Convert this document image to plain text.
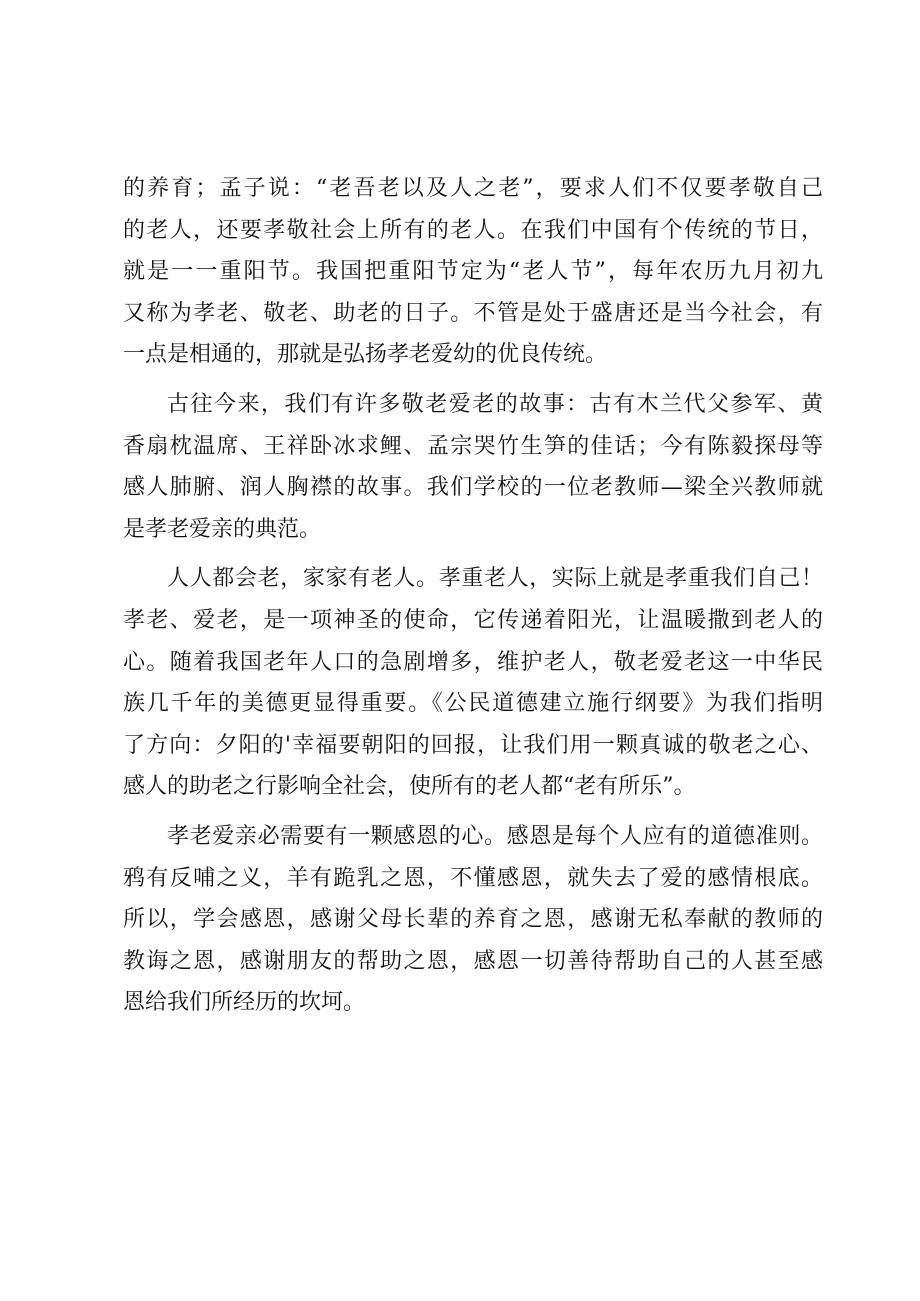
的养育；孟子说：“老吾老以及人之老”，要求人们不仅要孝敬自己
的老人，还要孝敬社会上所有的老人。在我们中国有个传统的节日，
就是一一重阳节。我国把重阳节定为“老人节”，每年农历九月初九
又称为孝老、敬老、助老的日子。不管是处于盛唐还是当今社会，有
一点是相通的，那就是弘扬孝老爱幼的优良传统。
古往今来，我们有许多敬老爱老的故事：古有木兰代父参军、黄
香扇枕温席、王祥卧冰求鲤、孟宗哭竹生笋的佳话；今有陈毅探母等
感人肺腑、润人胸襟的故事。我们学校的一位老教师—梁全兴教师就
是孝老爱亲的典范。
人人都会老，家家有老人。孝重老人，实际上就是孝重我们自己！
孝老、爱老，是一项神圣的使命，它传递着阳光，让温暖撒到老人的
心。随着我国老年人口的急剧增多，维护老人，敬老爱老这一中华民
族几千年的美德更显得重要。《公民道德建立施行纲要》为我们指明
了方向：夕阳的'幸福要朝阳的回报，让我们用一颗真诚的敬老之心、
感人的助老之行影响全社会，使所有的老人都“老有所乐”。
孝老爱亲必需要有一颗感恩的心。感恩是每个人应有的道德准则。
鸦有反哺之义，羊有跪乳之恩，不懂感恩，就失去了爱的感情根底。
所以，学会感恩，感谢父母长辈的养育之恩，感谢无私奉献的教师的
教诲之恩，感谢朋友的帮助之恩，感恩一切善待帮助自己的人甚至感
恩给我们所经历的坎坷。
